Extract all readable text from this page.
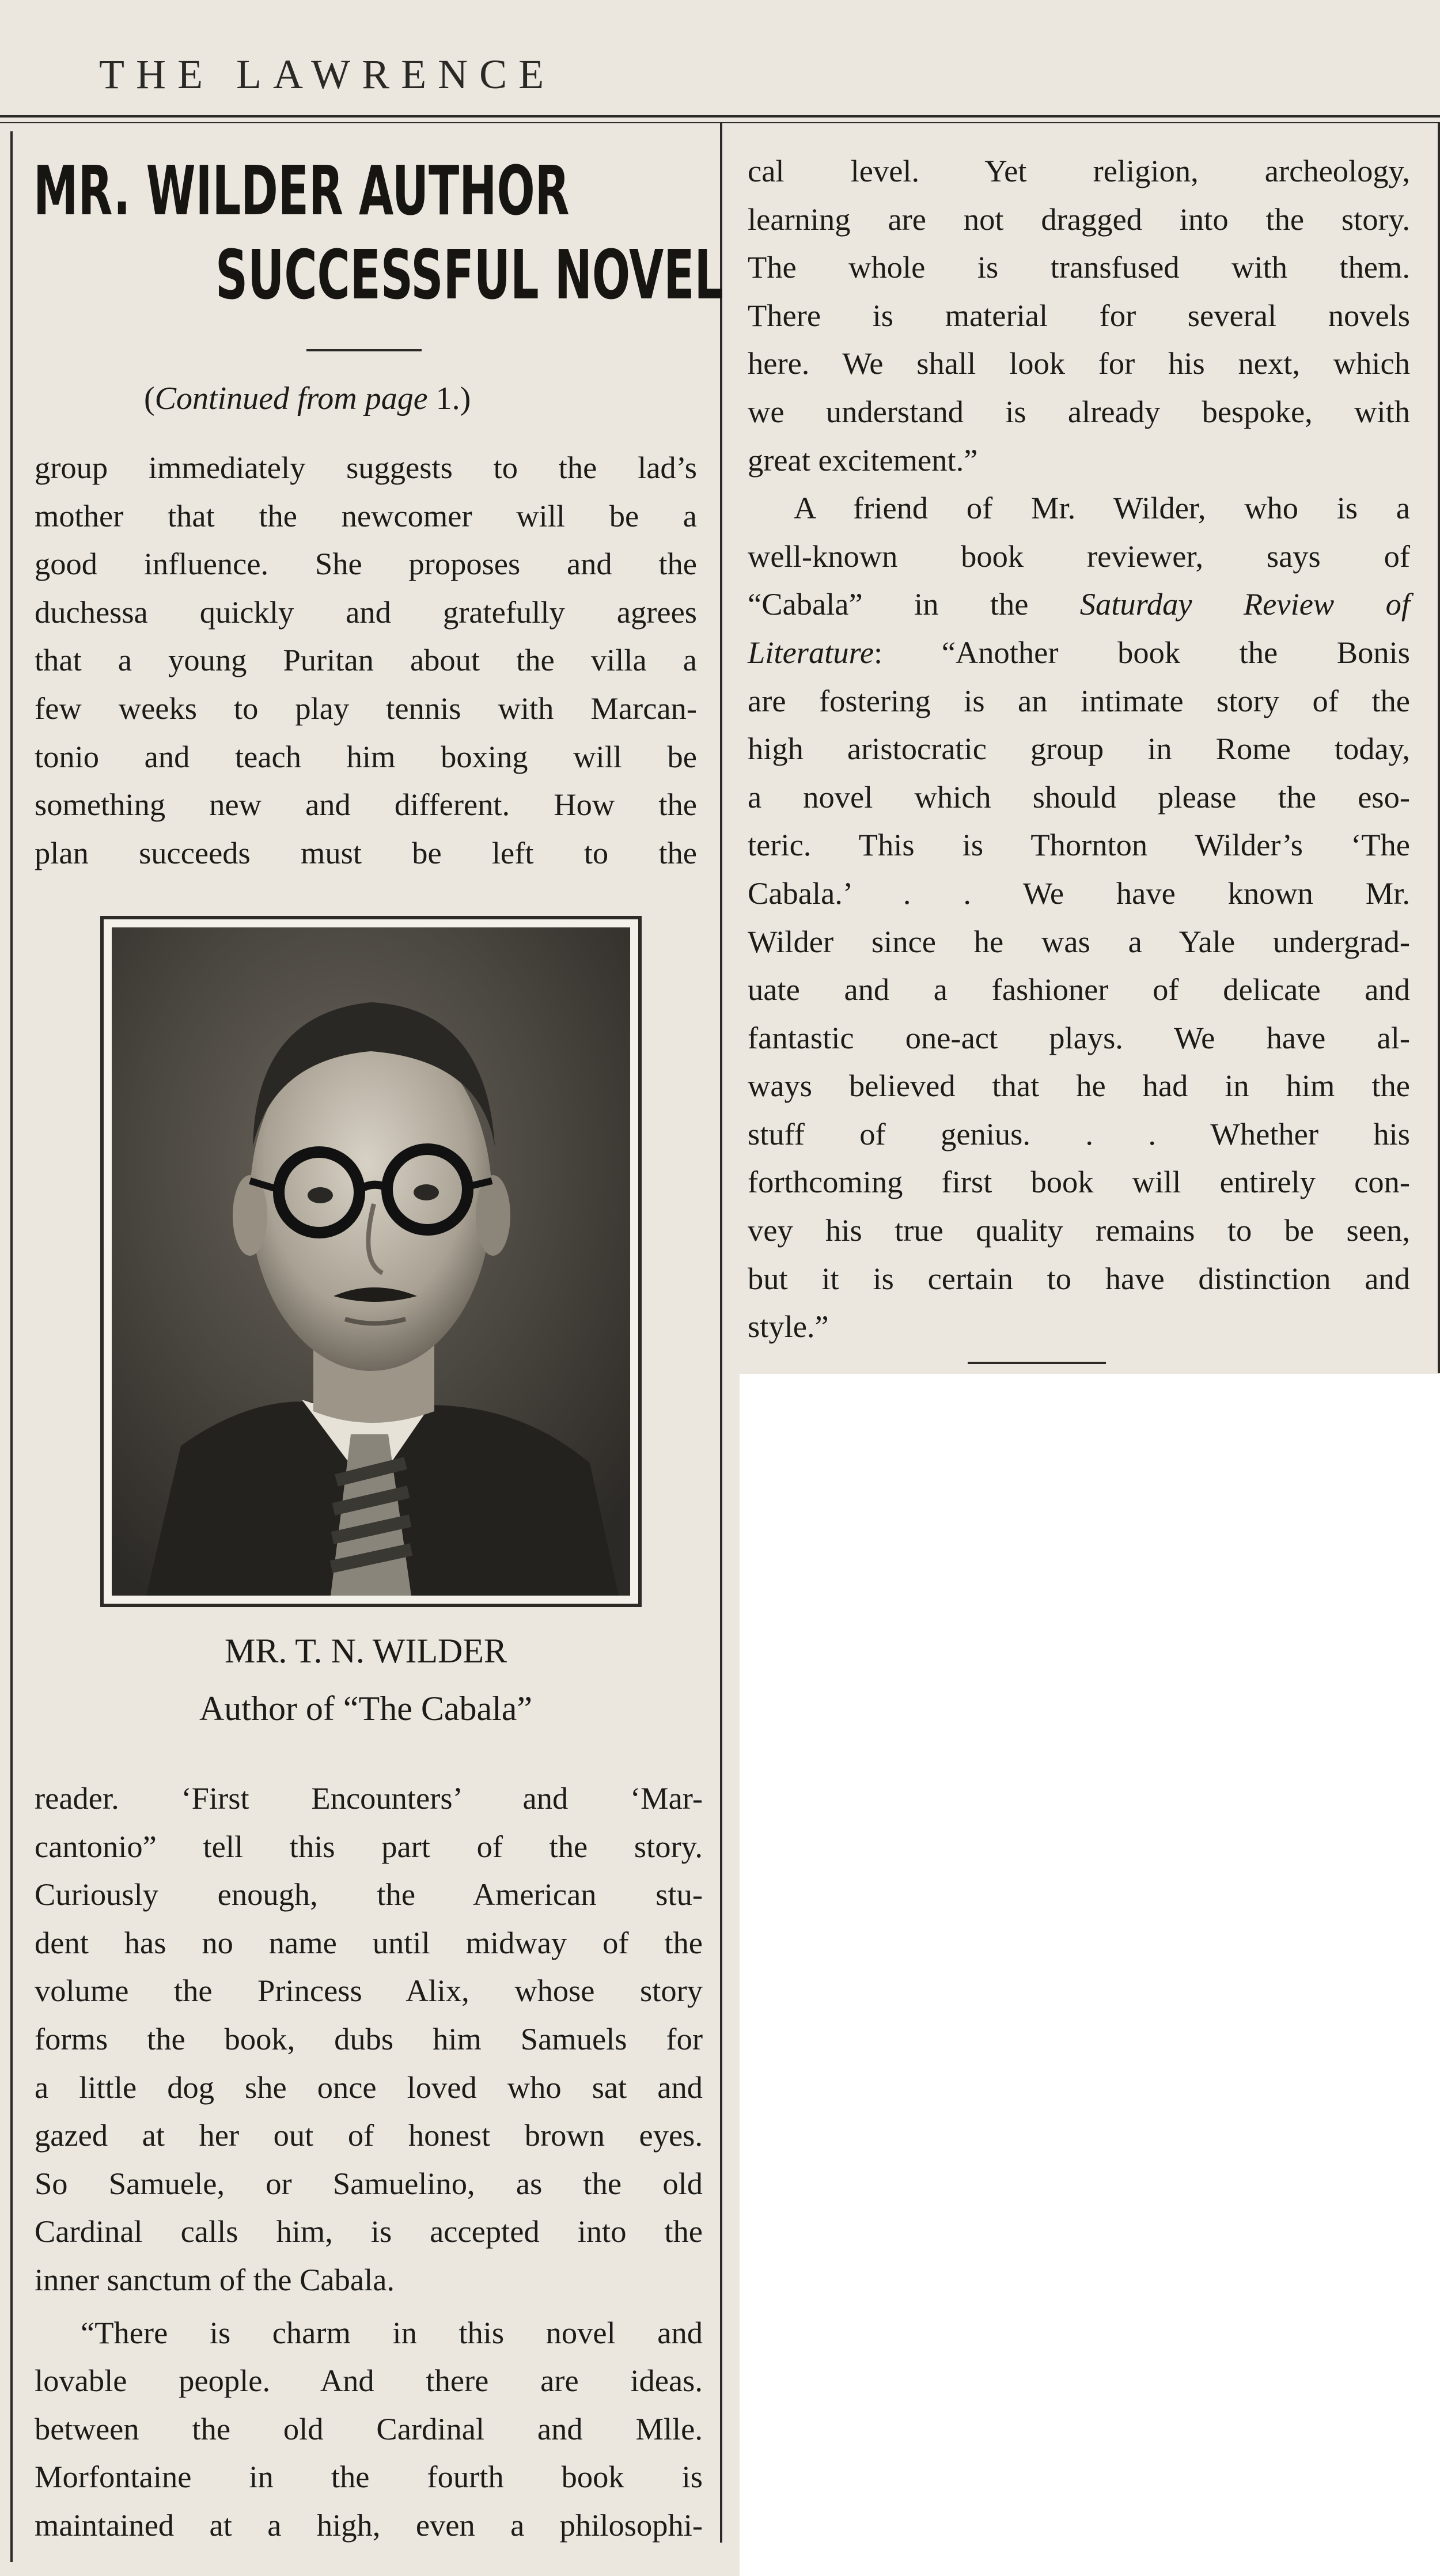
THE LAWRENCE
MR. WILDER AUTHOR
SUCCESSFUL NOVEL
(Continued from page 1.)

group immediately suggests to the lad’s

mother that the newcomer will be a

good influence. She proposes and the

duchessa quickly and gratefully agrees

that a young Puritan about the villa a

few weeks to play tennis with Marcan-

tonio and teach him boxing will be

something new and different. How the

plan succeeds must be left to the

MR. T. N. WILDER
Author of “The Cabala”

reader. ‘First Encounters’ and ‘Mar-

cantonio” tell this part of the story.

Curiously enough, the American stu-

dent has no name until midway of the

volume the Princess Alix, whose story

forms the book, dubs him Samuels for

a little dog she once loved who sat and

gazed at her out of honest brown eyes.

So Samuele, or Samuelino, as the old

Cardinal calls him, is accepted into the

inner sanctum of the Cabala.

“There is charm in this novel and

lovable people. And there are ideas.

between the old Cardinal and Mlle.

Morfontaine in the fourth book is

maintained at a high, even a philosophi-

cal level. Yet religion, archeology,

learning are not dragged into the story.

The whole is transfused with them.

There is material for several novels

here. We shall look for his next, which

we understand is already bespoke, with

great excitement.”

A friend of Mr. Wilder, who is a

well-known book reviewer, says of

“Cabala” in the Saturday Review of

Literature: “Another book the Bonis

are fostering is an intimate story of the

high aristocratic group in Rome today,

a novel which should please the eso-

teric. This is Thornton Wilder’s ‘The

Cabala.’ . . We have known Mr.

Wilder since he was a Yale undergrad-

uate and a fashioner of delicate and

fantastic one-act plays. We have al-

ways believed that he had in him the

stuff of genius. . . Whether his

forthcoming first book will entirely con-

vey his true quality remains to be seen,

but it is certain to have distinction and

style.”
